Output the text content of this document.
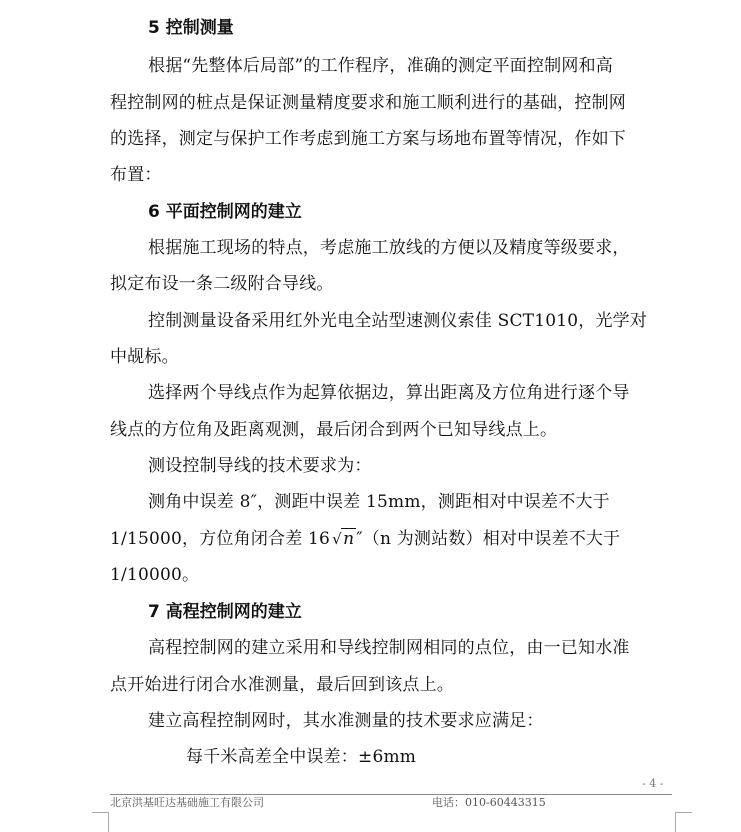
5 控制测量
根据“先整体后局部”的工作程序，准确的测定平面控制网和高
程控制网的桩点是保证测量精度要求和施工顺利进行的基础，控制网
的选择，测定与保护工作考虑到施工方案与场地布置等情况，作如下
布置：
6 平面控制网的建立
根据施工现场的特点，考虑施工放线的方便以及精度等级要求，
拟定布设一条二级附合导线。
控制测量设备采用红外光电全站型速测仪索佳 SCT1010，光学对
中觇标。
选择两个导线点作为起算依据边，算出距离及方位角进行逐个导
线点的方位角及距离观测，最后闭合到两个已知导线点上。
测设控制导线的技术要求为：
测角中误差 8″，测距中误差 15mm，测距相对中误差不大于
1/15000，方位角闭合差 16 √ n ″（n 为测站数）相对中误差不大于
1/10000。
7 高程控制网的建立
高程控制网的建立采用和导线控制网相同的点位，由一已知水准
点开始进行闭合水准测量，最后回到该点上。
建立高程控制网时，其水准测量的技术要求应满足：
每千米高差全中误差：±6mm
- 4 -
北京洪基旺达基础施工有限公司	电话：010-60443315
